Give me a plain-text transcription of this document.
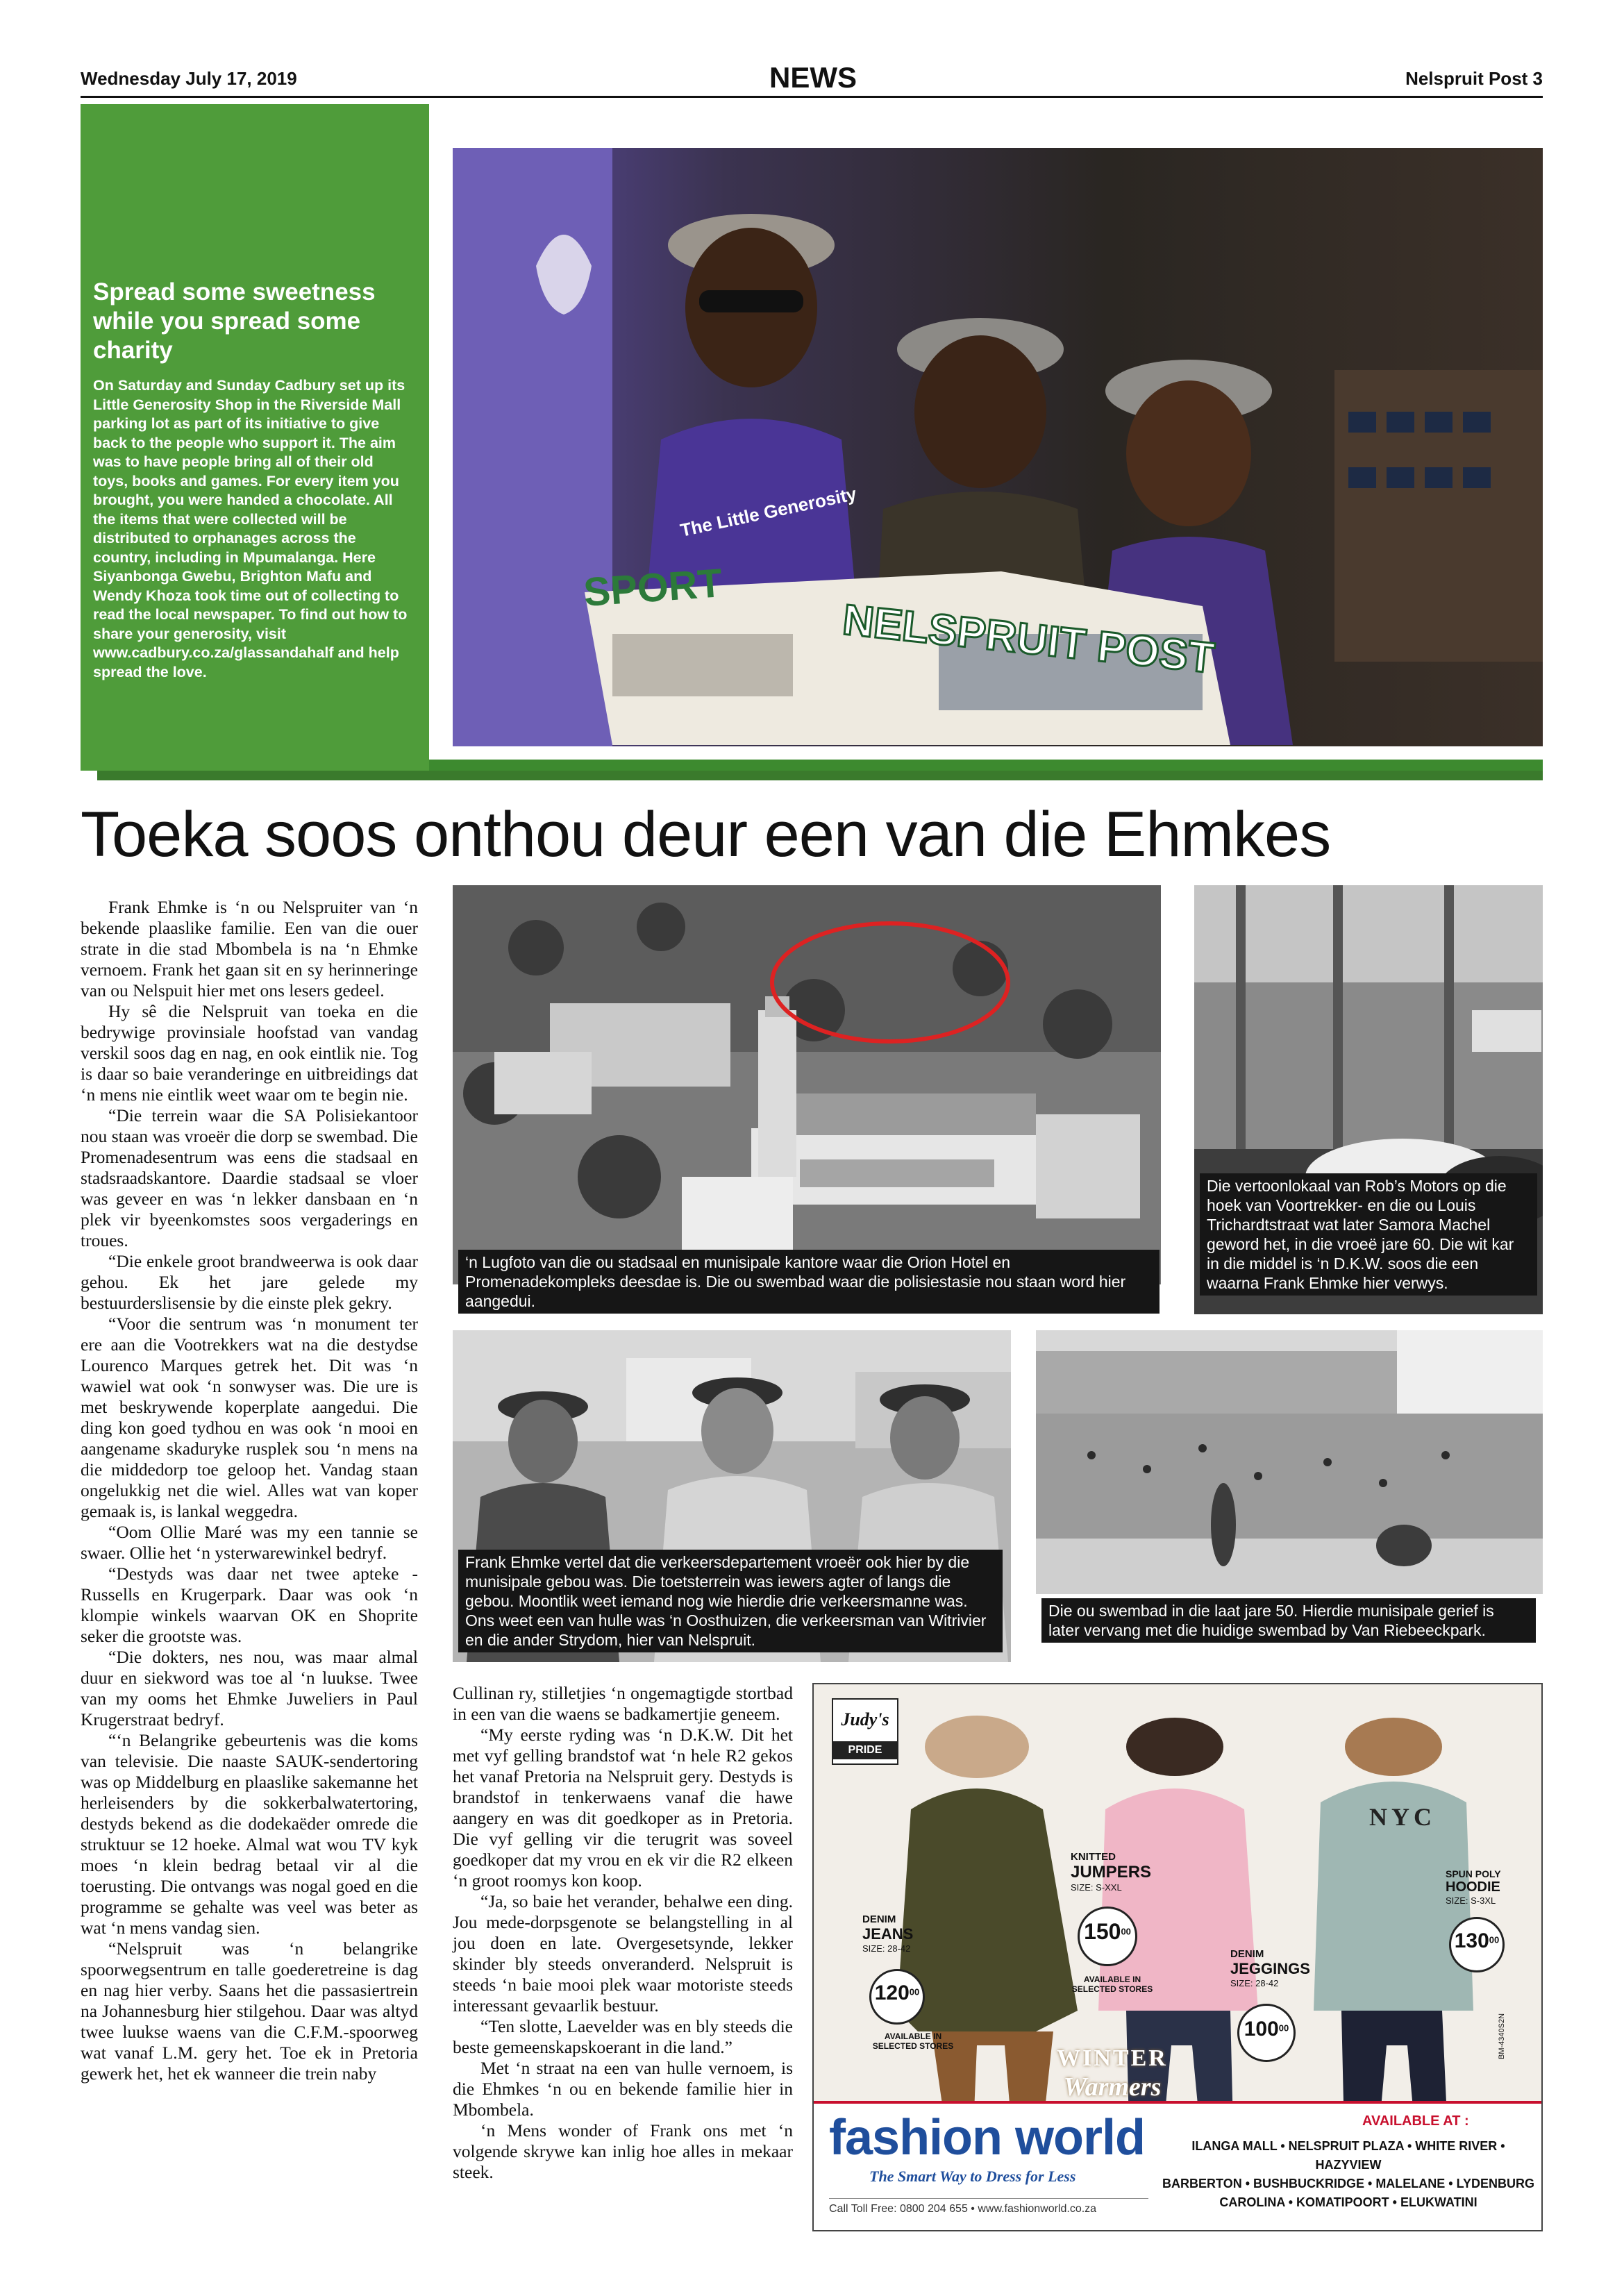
Wednesday July 17, 2019	NEWS	Nelspruit Post 3
Spread some sweetness while you spread some charity

On Saturday and Sunday Cadbury set up its Little Generosity Shop in the Riverside Mall parking lot as part of its initiative to give back to the people who support it. The aim was to have people bring all of their old toys, books and games. For every item you brought, you were handed a chocolate. All the items that were collected will be distributed to orphanages across the country, including in Mpumalanga. Here Siyanbonga Gwebu, Brighton Mafu and Wendy Khoza took time out of collecting to read the local newspaper. To find out how to share your generosity, visit www.cadbury.co.za/glassandahalf and help spread the love.	NELSPRUIT POST
SPORT
The Little Generosity
Toeka soos onthou deur een van die Ehmkes

Frank Ehmke is ‘n ou Nelspruiter van ‘n bekende plaaslike familie. Een van die ouer strate in die stad Mbombela is na ‘n Ehmke vernoem. Frank het gaan sit en sy herinneringe van ou Nelspuit hier met ons lesers gedeel.

Hy sê die Nelspruit van toeka en die bedrywige provinsiale hoofstad van vandag verskil soos dag en nag, en ook eintlik nie. Tog is daar so baie veranderinge en uitbreidings dat ‘n mens nie eintlik weet waar om te begin nie.

“Die terrein waar die SA Polisiekantoor nou staan was vroeër die dorp se swembad. Die Promenadesentrum was eens die stadsaal en stadsraadskantore. Daardie stadsaal se vloer was geveer en was ‘n lekker dansbaan en ‘n plek vir byeenkomstes soos vergaderings en troues.

“Die enkele groot brandweerwa is ook daar gehou. Ek het jare gelede my bestuurderslisensie by die einste plek gekry.

“Voor die sentrum was ‘n monument ter ere aan die Vootrekkers wat na die destydse Lourenco Marques getrek het. Dit was ‘n wawiel wat ook ‘n sonwyser was. Die ure is met beskrywende koperplate aangedui. Die ding kon goed tydhou en was ook ‘n mooi en aangename skaduryke rusplek sou ‘n mens na die middedorp toe geloop het. Vandag staan ongelukkig net die wiel. Alles wat van koper gemaak is, is lankal weggedra.

“Oom Ollie Maré was my een tannie se swaer. Ollie het ‘n ysterwarewinkel bedryf.

“Destyds was daar net twee apteke - Russells en Krugerpark. Daar was ook ‘n klompie winkels waarvan OK en Shoprite seker die grootste was.

“Die dokters, nes nou, was maar almal duur en siekword was toe al ‘n luukse. Twee van my ooms het Ehmke Juweliers in Paul Krugerstraat bedryf.

“‘n Belangrike gebeurtenis was die koms van televisie. Die naaste SAUK-sendertoring was op Middelburg en plaaslike sakemanne het herleisenders by die sokkerbalwatertoring, destyds bekend as die dodekaëder omrede die struktuur se 12 hoeke. Almal wat wou TV kyk moes ‘n klein bedrag betaal vir al die toerusting. Die ontvangs was nogal goed en die programme se gehalte was veel was beter as wat ‘n mens vandag sien.

“Nelspruit was ‘n belangrike spoorwegsentrum en talle goederetreine is dag en nag hier verby. Saans het die passasiertrein na Johannesburg hier stilgehou. Daar was altyd twee luukse waens van die C.F.M.-spoorweg wat vanaf L.M. gery het. Toe ek in Pretoria gewerk het, het ek wanneer die trein naby

‘n Lugfoto van die ou stadsaal en munisipale kantore waar die Orion Hotel en Promenadekompleks deesdae is. Die ou swembad waar die polisiestasie nou staan word hier aangedui.
Die vertoonlokaal van Rob’s Motors op die hoek van Voortrekker- en die ou Louis Trichardtstraat wat later Samora Machel geword het, in die vroeë jare 60. Die wit kar in die middel is ‘n D.K.W. soos die een waarna Frank Ehmke hier verwys.
Frank Ehmke vertel dat die verkeersdepartement vroeër ook hier by die munisipale gebou was. Die toetsterrein was iewers agter of langs die gebou. Moontlik weet iemand nog wie hierdie drie verkeersmanne was. Ons weet een van hulle was ‘n Oosthuizen, die verkeersman van Witrivier en die ander Strydom, hier van Nelspruit.
Die ou swembad in die laat jare 50. Hierdie munisipale gerief is later vervang met die huidige swembad by Van Riebeeckpark.

Cullinan ry, stilletjies ‘n ongemagtigde stortbad in een van die waens se badkamertjie geneem.

“My eerste ryding was ‘n D.K.W. Dit het met vyf gelling brandstof wat ‘n hele R2 gekos het vanaf Pretoria na Nelspruit gery. Destyds is brandstof in tenkerwaens vanaf die hawe aangery en was dit goedkoper as in Pretoria. Die vyf gelling vir die terugrit was soveel goedkoper dat my vrou en ek vir die R2 elkeen ‘n groot roomys kon koop.

“Ja, so baie het verander, behalwe een ding. Jou mede-dorpsgenote se belangstelling in al jou doen en late. Overgesetsynde, lekker skinder bly steeds onveranderd. Nelspruit is steeds ‘n baie mooi plek waar motoriste steeds interessant gevaarlik bestuur.

“Ten slotte, Laevelder was en bly steeds die beste gemeenskapskoerant in die land.”

Met ‘n straat na een van hulle vernoem, is die Ehmkes ‘n ou en bekende familie hier in Mbombela.

‘n Mens wonder of Frank ons met ‘n volgende skrywe kan inlig hoe alles in mekaar steek.

Judy's
PRIDE
NYC
DENIM
JEANS
SIZE: 28-42
$120^{00}$
AVAILABLE IN SELECTED STORES
KNITTED
JUMPERS
SIZE: S-XXL
$150^{00}$
AVAILABLE IN SELECTED STORES
DENIM
JEGGINGS
SIZE: 28-42
$100^{00}$
SPUN POLY
HOODIE
SIZE: S-3XL
$130^{00}$
WINTER
Warmers
BM-4340S2N
fashion world
The Smart Way to Dress for Less
Call Toll Free: 0800 204 655 • www.fashionworld.co.za
AVAILABLE AT :
ILANGA MALL • NELSPRUIT PLAZA • WHITE RIVER • HAZYVIEW
BARBERTON • BUSHBUCKRIDGE • MALELANE • LYDENBURG
CAROLINA • KOMATIPOORT • ELUKWATINI
